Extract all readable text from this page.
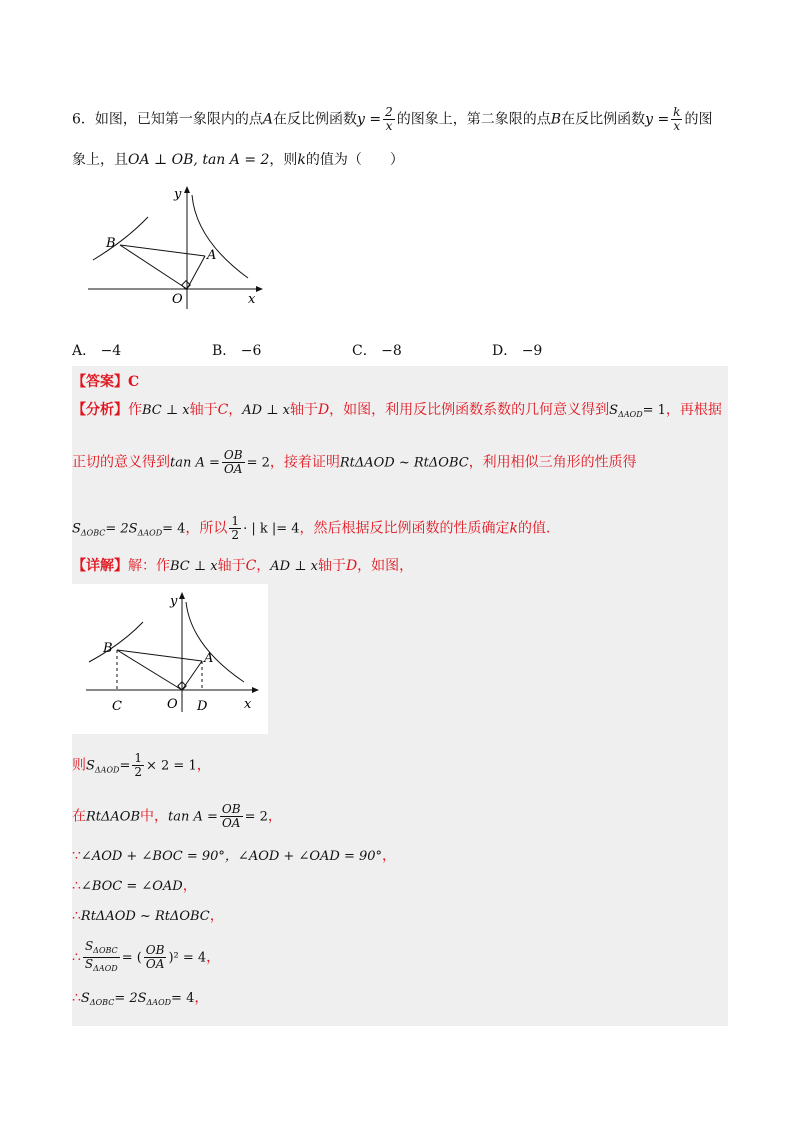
6．如图，已知第一象限内的点A在反比例函数$y = \frac{2}{x}$ 的图象上，第二象限的点B在反比例函数$y = \frac{k}{x}$ 的图
象上，且OA ⊥ OB, tan A = 2，则k的值为（　　）
y
x
O
A
B
A． −4	B． −6	C． −8	D． −9
【答案】C
【分析】作BC ⊥ x轴于C，AD ⊥ x轴于D，如图，利用反比例函数系数的几何意义得到$S_{\Delta AOD}= 1$，再根据
正切的意义得到$\tan A = \frac{OB}{OA} = 2$，接着证明RtΔAOD ~ RtΔOBC，利用相似三角形的性质得
$S_{\Delta OBC}= 2S_{\Delta AOD}= 4$，所以 $\frac{1}{2}$ · | k |= 4，然后根据反比例函数的性质确定k的值．
【详解】解：作BC ⊥ x轴于C，AD ⊥ x轴于D，如图，
y
x
O
A
B
C	D
则$S_{\Delta AOD}= \frac{1}{2} \times 2 = 1$，
在RtΔAOB中，$\tan A = \frac{OB}{OA} = 2$，
∵∠AOD + ∠BOC = 90°，∠AOD + ∠OAD = 90°，
∴∠BOC = ∠OAD，
∴RtΔAOD ~ RtΔOBC，
∴ $\frac{S_{\Delta OBC}}{S_{\Delta AOD}}$ = ( $\frac{OB}{OA} )^2 = 4$，
$\therefore S_{\Delta OBC}= 2S_{\Delta AOD}= 4$，
